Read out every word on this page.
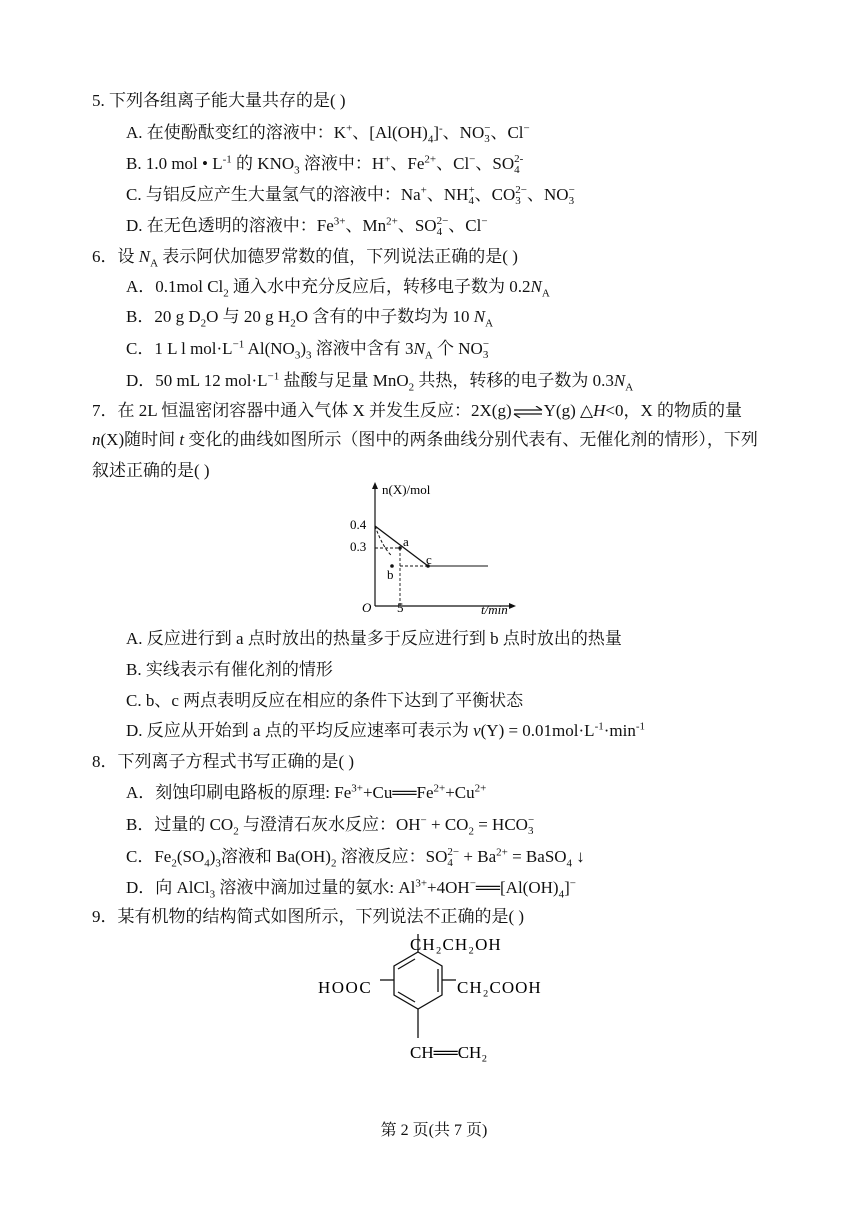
5. 下列各组离子能大量共存的是( )
A. 在使酚酞变红的溶液中：K+、$[Al(OH)_4]^-$、NO −
3 、Cl−
B. 1.0 mol • $L^{-1}$ 的 $KNO_3$ 溶液中：H+、$Fe^{2+}$、Cl−、SO 2-
4
C. 与铝反应产生大量氢气的溶液中：Na+、NH +
4 、CO 2−
3 、NO −
3
D. 在无色透明的溶液中：$Fe^{3+}$、$Mn^{2+}$、SO 2−
4 、Cl−
6．设 $N_A$ 表示阿伏加德罗常数的值，下列说法正确的是( )
A．0.1mol $Cl_2$ 通入水中充分反应后，转移电子数为 $0.2N_A$
B．20 g $D_2O$ 与 20 g $H_2O$ 含有的中子数均为 10 $N_A$
C．1 L l $mol\cdot L^{-1}$ $Al(NO_3)_3$ 溶液中含有 $3N_A$ 个 NO −
3
D．50 mL 12 $mol\cdot L^{-1}$ 盐酸与足量 MnO$_2$ 共热，转移的电子数为 $0.3N_A$
7．在 2L 恒温密闭容器中通入气体 X 并发生反应：2X(g)⇌Y(g) △H<0，X 的物质的量
n(X)随时间 t 变化的曲线如图所示（图中的两条曲线分别代表有、无催化剂的情形），下列
叙述正确的是( )
n(X)/mol
t/min
O
0.4
0.3
5
a
b
c
A. 反应进行到 a 点时放出的热量多于反应进行到 b 点时放出的热量
B. 实线表示有催化剂的情形
C. b、c 两点表明反应在相应的条件下达到了平衡状态
D. 反应从开始到 a 点的平均反应速率可表示为 $v(Y) = 0.01mol\cdot L^{-1}\cdot\min^{-1}$
8．下列离子方程式书写正确的是( )
A．刻蚀印刷电路板的原理: $Fe^{3+}+Cu══Fe^{2+}+Cu^{2+}$
B．过量的 $CO_2$ 与澄清石灰水反应：$OH^- + CO_2$ = HCO −
3
C．$Fe_2(SO_4)_3$溶液和 $Ba(OH)_2$ 溶液反应：SO 2−
$4 + Ba^{2+}$ = BaSO$_4$ ↓
D．向 AlCl$_3$ 溶液中滴加过量的氨水: $Al^{3+}+4OH^-══[Al(OH)_4]^-$
9．某有机物的结构简式如图所示，下列说法不正确的是( )
CH₂CH₂OH
HOOC	CH₂COOH
CH══CH₂
第 2 页(共 7 页)
